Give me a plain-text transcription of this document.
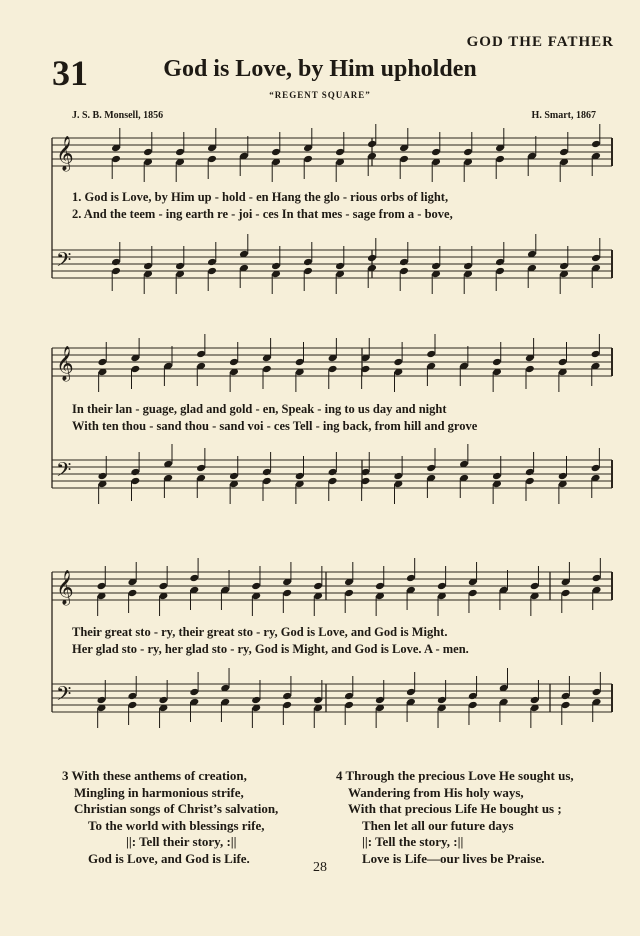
GOD THE FATHER
31	God is Love, by Him upholden
“REGENT SQUARE”
J. S. B. Monsell, 1856	H. Smart, 1867
𝄞
𝄢
1. God is Love, by Him up - hold - en Hang the glo - rious orbs of light,
2. And the teem - ing earth re - joi - ces In that mes - sage from a - bove,
𝄞
𝄢
In their lan - guage, glad and gold - en, Speak - ing to us day and night
With ten thou - sand thou - sand voi - ces Tell - ing back, from hill and grove
𝄞
𝄢
Their great sto - ry, their great sto - ry, God is Love, and God is Might.
Her glad sto - ry, her glad sto - ry, God is Might, and God is Love. A - men.
3 With these anthems of creation,
Mingling in harmonious strife,
Christian songs of Christ’s salvation,
To the world with blessings rife,
||: Tell their story, :||
God is Love, and God is Life.
4 Through the precious Love He sought us,
Wandering from His holy ways,
With that precious Life He bought us ;
Then let all our future days
||: Tell the story, :||
Love is Life—our lives be Praise.
28
